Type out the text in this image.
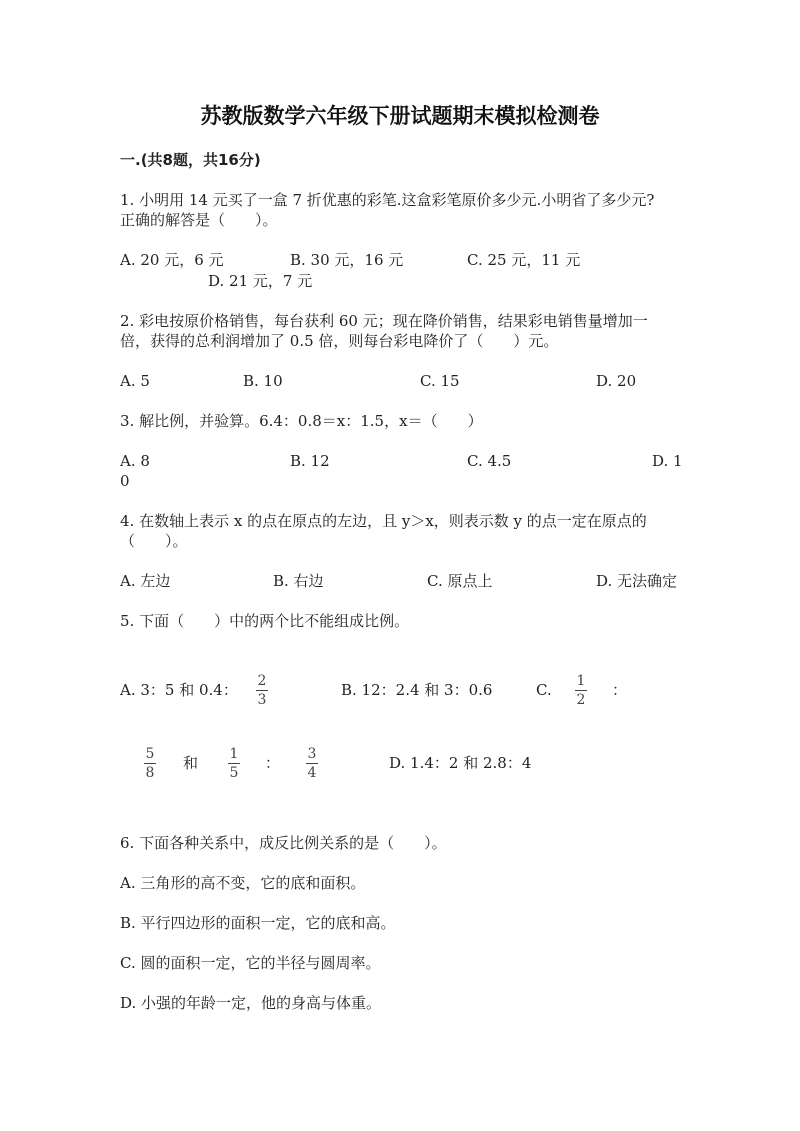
苏教版数学六年级下册试题期末模拟检测卷
一.(共8题，共16分)
1. 小明用 14 元买了一盒 7 折优惠的彩笔.这盒彩笔原价多少元.小明省了多少元?
正确的解答是（　　）。
A. 20 元，6 元	B. 30 元，16 元	C. 25 元，11 元
D. 21 元，7 元
2. 彩电按原价格销售，每台获利 60 元；现在降价销售，结果彩电销售量增加一
倍，获得的总利润增加了 0.5 倍，则每台彩电降价了（　　）元。
A. 5	B. 10	C. 15	D. 20
3. 解比例，并验算。6.4：0.8＝x：1.5，x＝（　　）
A. 8	B. 12	C. 4.5	D. 1
0
4. 在数轴上表示 x 的点在原点的左边，且 y＞x，则表示数 y 的点一定在原点的
（　　）。
A. 左边	B. 右边	C. 原点上	D. 无法确定
5. 下面（　　）中的两个比不能组成比例。
A. 3：5 和 0.4： 2
3
B. 12：2.4 和 3：0.6	C. 1
2
：
5
8
和 1
5
： 3
4
D. 1.4：2 和 2.8：4
6. 下面各种关系中，成反比例关系的是（　　）。
A. 三角形的高不变，它的底和面积。
B. 平行四边形的面积一定，它的底和高。
C. 圆的面积一定，它的半径与圆周率。
D. 小强的年龄一定，他的身高与体重。
